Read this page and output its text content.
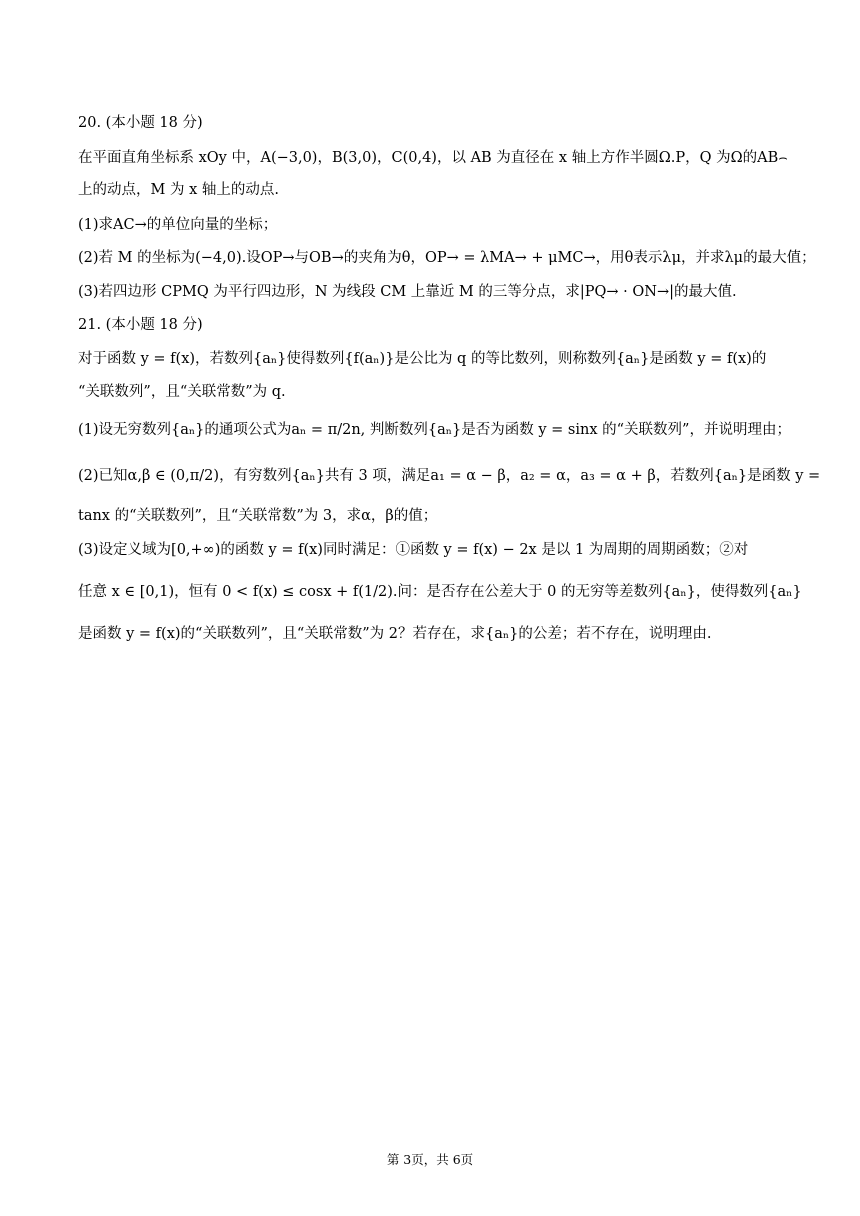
20. (本小题 18 分)
在平面直角坐标系 xOy 中，A(−3,0)，B(3,0)，C(0,4)，以 AB 为直径在 x 轴上方作半圆Ω.P，Q 为Ω的AB⌢
上的动点，M 为 x 轴上的动点.
(1)求AC→的单位向量的坐标；
(2)若 M 的坐标为(−4,0).设OP→与OB→的夹角为θ，OP→ = λMA→ + μMC→，用θ表示λμ，并求λμ的最大值；
(3)若四边形 CPMQ 为平行四边形，N 为线段 CM 上靠近 M 的三等分点，求|PQ→ · ON→|的最大值.
21. (本小题 18 分)
对于函数 y = f(x)，若数列{aₙ}使得数列{f(aₙ)}是公比为 q 的等比数列，则称数列{aₙ}是函数 y = f(x)的
“关联数列”，且“关联常数”为 q.
(1)设无穷数列{aₙ}的通项公式为aₙ = π/2n, 判断数列{aₙ}是否为函数 y = sinx 的“关联数列”，并说明理由；
(2)已知α,β ∈ (0,π/2)，有穷数列{aₙ}共有 3 项，满足a₁ = α − β，a₂ = α，a₃ = α + β，若数列{aₙ}是函数 y =
tanx 的“关联数列”，且“关联常数”为 3，求α，β的值；
(3)设定义域为[0,+∞)的函数 y = f(x)同时满足：①函数 y = f(x) − 2x 是以 1 为周期的周期函数；②对
任意 x ∈ [0,1)，恒有 0 < f(x) ≤ cosx + f(1/2).问：是否存在公差大于 0 的无穷等差数列{aₙ}，使得数列{aₙ}
是函数 y = f(x)的“关联数列”，且“关联常数”为 2？若存在，求{aₙ}的公差；若不存在，说明理由.
第 3页，共 6页
